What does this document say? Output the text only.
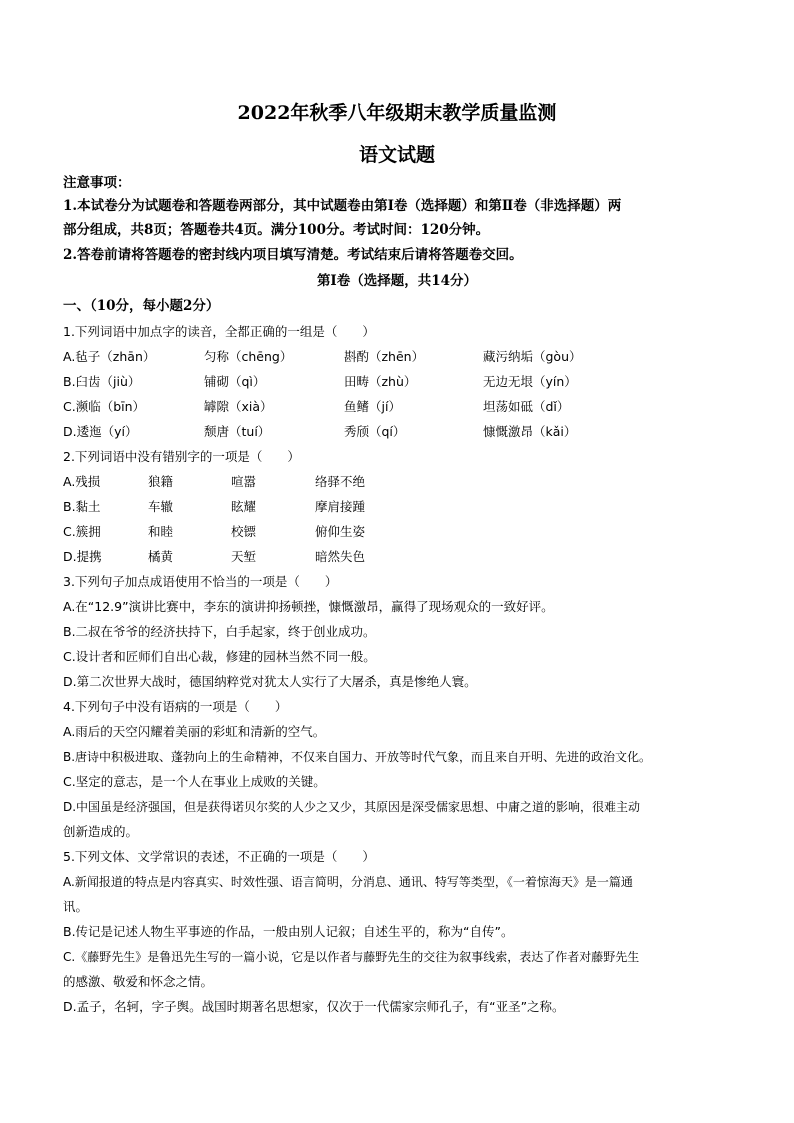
2022年秋季八年级期末教学质量监测
语文试题
注意事项：
1.本试卷分为试题卷和答题卷两部分，其中试题卷由第Ⅰ卷（选择题）和第Ⅱ卷（非选择题）两
部分组成，共8页；答题卷共4页。满分100分。考试时间：120分钟。
2.答卷前请将答题卷的密封线内项目填写清楚。考试结束后请将答题卷交回。
第Ⅰ卷（选择题，共14分）
一、（10分，每小题2分）
1.下列词语中加点字的读音，全都正确的一组是（　　）
A.毡子（zhān）	匀称（chēng）	斟酌（zhēn）	藏污纳垢（gòu）
B.臼齿（jiù）	铺砌（qì）	田畴（zhù）	无边无垠（yín）
C.濒临（bīn）	罅隙（xià）	鱼鳍（jí）	坦荡如砥（dǐ）
D.逶迤（yí）	颓唐（tuí）	秀颀（qí）	慷慨激昂（kǎi）
2.下列词语中没有错别字的一项是（　　）
A.残损	狼籍	喧嚣	络驿不绝
B.黏土	车辙	眩耀	摩肩接踵
C.簇拥	和睦	校镖	俯仰生姿
D.提携	橘黄	天堑	暗然失色
3.下列句子加点成语使用不恰当的一项是（　　）
A.在“12.9”演讲比赛中，李东的演讲抑扬顿挫，慷慨激昂，赢得了现场观众的一致好评。
B.二叔在爷爷的经济扶持下，白手起家，终于创业成功。
C.设计者和匠师们自出心裁，修建的园林当然不同一般。
D.第二次世界大战时，德国纳粹党对犹太人实行了大屠杀，真是惨绝人寰。
4.下列句子中没有语病的一项是（　　）
A.雨后的天空闪耀着美丽的彩虹和清新的空气。
B.唐诗中积极进取、蓬勃向上的生命精神，不仅来自国力、开放等时代气象，而且来自开明、先进的政治文化。
C.坚定的意志，是一个人在事业上成败的关键。
D.中国虽是经济强国，但是获得诺贝尔奖的人少之又少，其原因是深受儒家思想、中庸之道的影响，很难主动
创新造成的。
5.下列文体、文学常识的表述，不正确的一项是（　　）
A.新闻报道的特点是内容真实、时效性强、语言简明，分消息、通讯、特写等类型，《一着惊海天》是一篇通
讯。
B.传记是记述人物生平事迹的作品，一般由别人记叙；自述生平的，称为“自传”。
C.《藤野先生》是鲁迅先生写的一篇小说，它是以作者与藤野先生的交往为叙事线索，表达了作者对藤野先生
的感激、敬爱和怀念之情。
D.孟子，名轲，字子舆。战国时期著名思想家，仅次于一代儒家宗师孔子，有“亚圣”之称。
